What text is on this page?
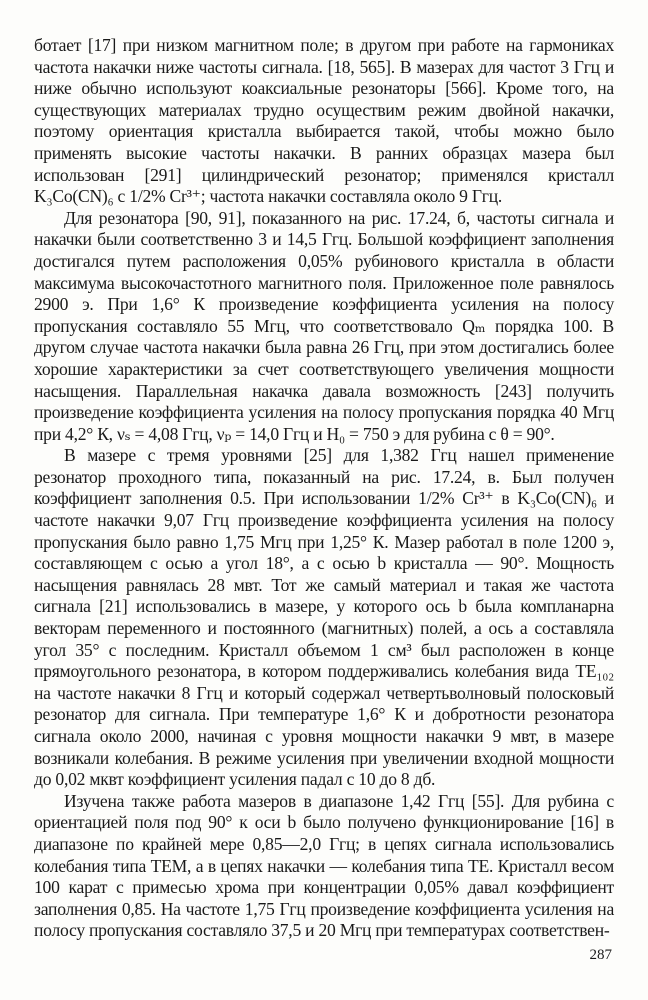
ботает [17] при низком магнитном поле; в другом при работе на гармониках частота накачки ниже частоты сигнала. [18, 565]. В мазерах для частот 3 Ггц и ниже обычно используют коаксиальные резонаторы [566]. Кроме того, на существующих материалах трудно осуществим режим двойной накачки, поэтому ориентация кристалла выбирается такой, чтобы можно было применять высокие частоты накачки. В ранних образцах мазера был использован [291] цилиндрический резонатор; применялся кристалл K₃Co(CN)₆ с 1/2% Cr³⁺; частота накачки составляла около 9 Ггц.

Для резонатора [90, 91], показанного на рис. 17.24, б, частоты сигнала и накачки были соответственно 3 и 14,5 Ггц. Большой коэффициент заполнения достигался путем расположения 0,05% рубинового кристалла в области максимума высокочастотного магнитного поля. Приложенное поле равнялось 2900 э. При 1,6° К произведение коэффициента усиления на полосу пропускания составляло 55 Мгц, что соответствовало Qₘ порядка 100. В другом случае частота накачки была равна 26 Ггц, при этом достигались более хорошие характеристики за счет соответствующего увеличения мощности насыщения. Параллельная накачка давала возможность [243] получить произведение коэффициента усиления на полосу пропускания порядка 40 Мгц при 4,2° К, νₛ = 4,08 Ггц, νₚ = 14,0 Ггц и H₀ = 750 э для рубина с θ = 90°.

В мазере с тремя уровнями [25] для 1,382 Ггц нашел применение резонатор проходного типа, показанный на рис. 17.24, в. Был получен коэффициент заполнения 0.5. При использовании 1/2% Cr³⁺ в K₃Co(CN)₆ и частоте накачки 9,07 Ггц произведение коэффициента усиления на полосу пропускания было равно 1,75 Мгц при 1,25° К. Мазер работал в поле 1200 э, составляющем с осью a угол 18°, а с осью b кристалла — 90°. Мощность насыщения равнялась 28 мвт. Тот же самый материал и такая же частота сигнала [21] использовались в мазере, у которого ось b была компланарна векторам переменного и постоянного (магнитных) полей, а ось a составляла угол 35° с последним. Кристалл объемом 1 см³ был расположен в конце прямоугольного резонатора, в котором поддерживались колебания вида TE₁₀₂ на частоте накачки 8 Ггц и который содержал четвертьволновый полосковый резонатор для сигнала. При температуре 1,6° К и добротности резонатора сигнала около 2000, начиная с уровня мощности накачки 9 мвт, в мазере возникали колебания. В режиме усиления при увеличении входной мощности до 0,02 мквт коэффициент усиления падал с 10 до 8 дб.

Изучена также работа мазеров в диапазоне 1,42 Ггц [55]. Для рубина с ориентацией поля под 90° к оси b было получено функционирование [16] в диапазоне по крайней мере 0,85—2,0 Ггц; в цепях сигнала использовались колебания типа TEM, а в цепях накачки — колебания типа TE. Кристалл весом 100 карат с примесью хрома при концентрации 0,05% давал коэффициент заполнения 0,85. На частоте 1,75 Ггц произведение коэффициента усиления на полосу пропускания составляло 37,5 и 20 Мгц при температурах соответствен-

287
